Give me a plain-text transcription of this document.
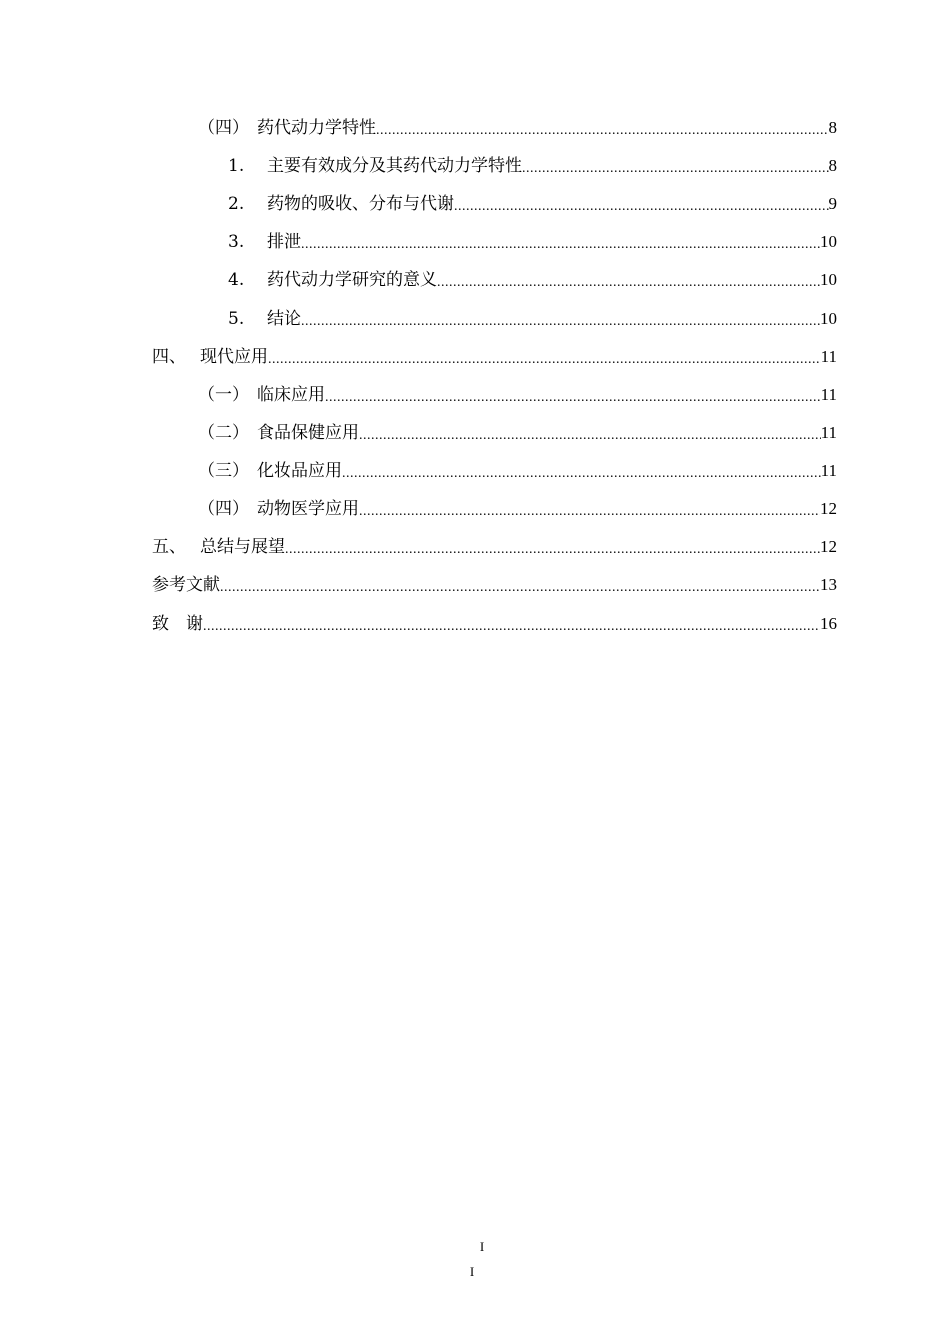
（四） 药代动力学特性 .....	8
1.	主要有效成分及其药代动力学特性 .....	8
2.	药物的吸收、分布与代谢 .....	9
3.	排泄 .....	10
4.	药代动力学研究的意义 .....	10
5.	结论 .....	10
四、 现代应用 .....	11
（一） 临床应用 .....	11
（二） 食品保健应用 .....	11
（三） 化妆品应用 .....	11
（四） 动物医学应用 .....	12
五、 总结与展望 .....	12
参考文献 .....	13
致　谢 .....	16
I
I
